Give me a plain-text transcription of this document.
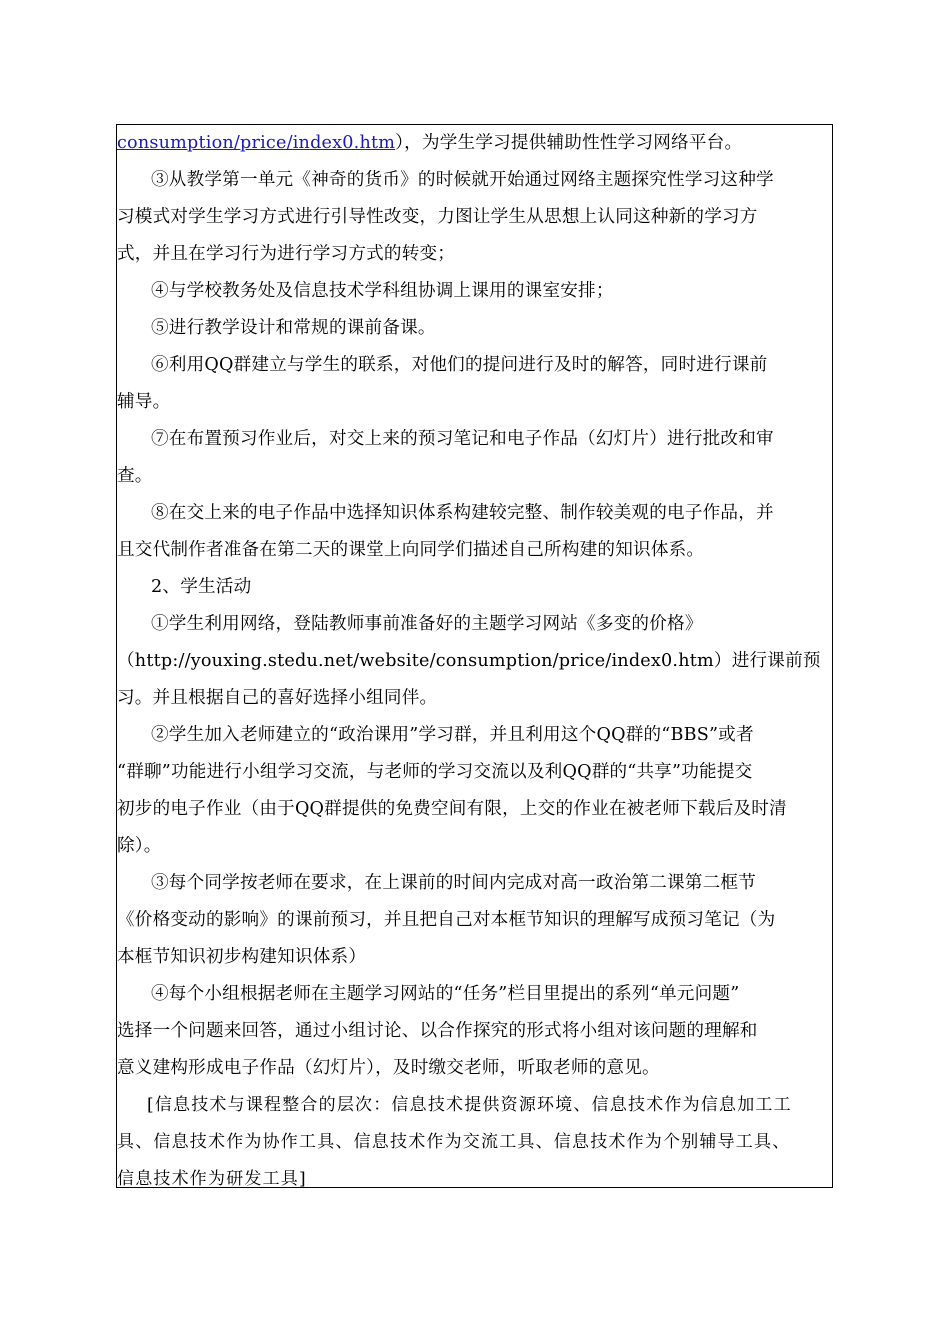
consumption/price/index0.htm），为学生学习提供辅助性性学习网络平台。
③从教学第一单元《神奇的货币》的时候就开始通过网络主题探究性学习这种学
习模式对学生学习方式进行引导性改变，力图让学生从思想上认同这种新的学习方
式，并且在学习行为进行学习方式的转变；
④与学校教务处及信息技术学科组协调上课用的课室安排；
⑤进行教学设计和常规的课前备课。
⑥利用QQ群建立与学生的联系，对他们的提问进行及时的解答，同时进行课前
辅导。
⑦在布置预习作业后，对交上来的预习笔记和电子作品（幻灯片）进行批改和审
查。
⑧在交上来的电子作品中选择知识体系构建较完整、制作较美观的电子作品，并
且交代制作者准备在第二天的课堂上向同学们描述自己所构建的知识体系。
2、学生活动
①学生利用网络，登陆教师事前准备好的主题学习网站《多变的价格》
（http://youxing.stedu.net/website/consumption/price/index0.htm）进行课前预
习。并且根据自己的喜好选择小组同伴。
②学生加入老师建立的“政治课用”学习群，并且利用这个QQ群的“BBS”或者
“群聊”功能进行小组学习交流，与老师的学习交流以及利QQ群的“共享”功能提交
初步的电子作业（由于QQ群提供的免费空间有限，上交的作业在被老师下载后及时清
除）。
③每个同学按老师在要求，在上课前的时间内完成对高一政治第二课第二框节
《价格变动的影响》的课前预习，并且把自己对本框节知识的理解写成预习笔记（为
本框节知识初步构建知识体系）
④每个小组根据老师在主题学习网站的“任务”栏目里提出的系列“单元问题”
选择一个问题来回答，通过小组讨论、以合作探究的形式将小组对该问题的理解和
意义建构形成电子作品（幻灯片），及时缴交老师，听取老师的意见。
[信息技术与课程整合的层次：信息技术提供资源环境、信息技术作为信息加工工
具、信息技术作为协作工具、信息技术作为交流工具、信息技术作为个别辅导工具、
信息技术作为研发工具]
